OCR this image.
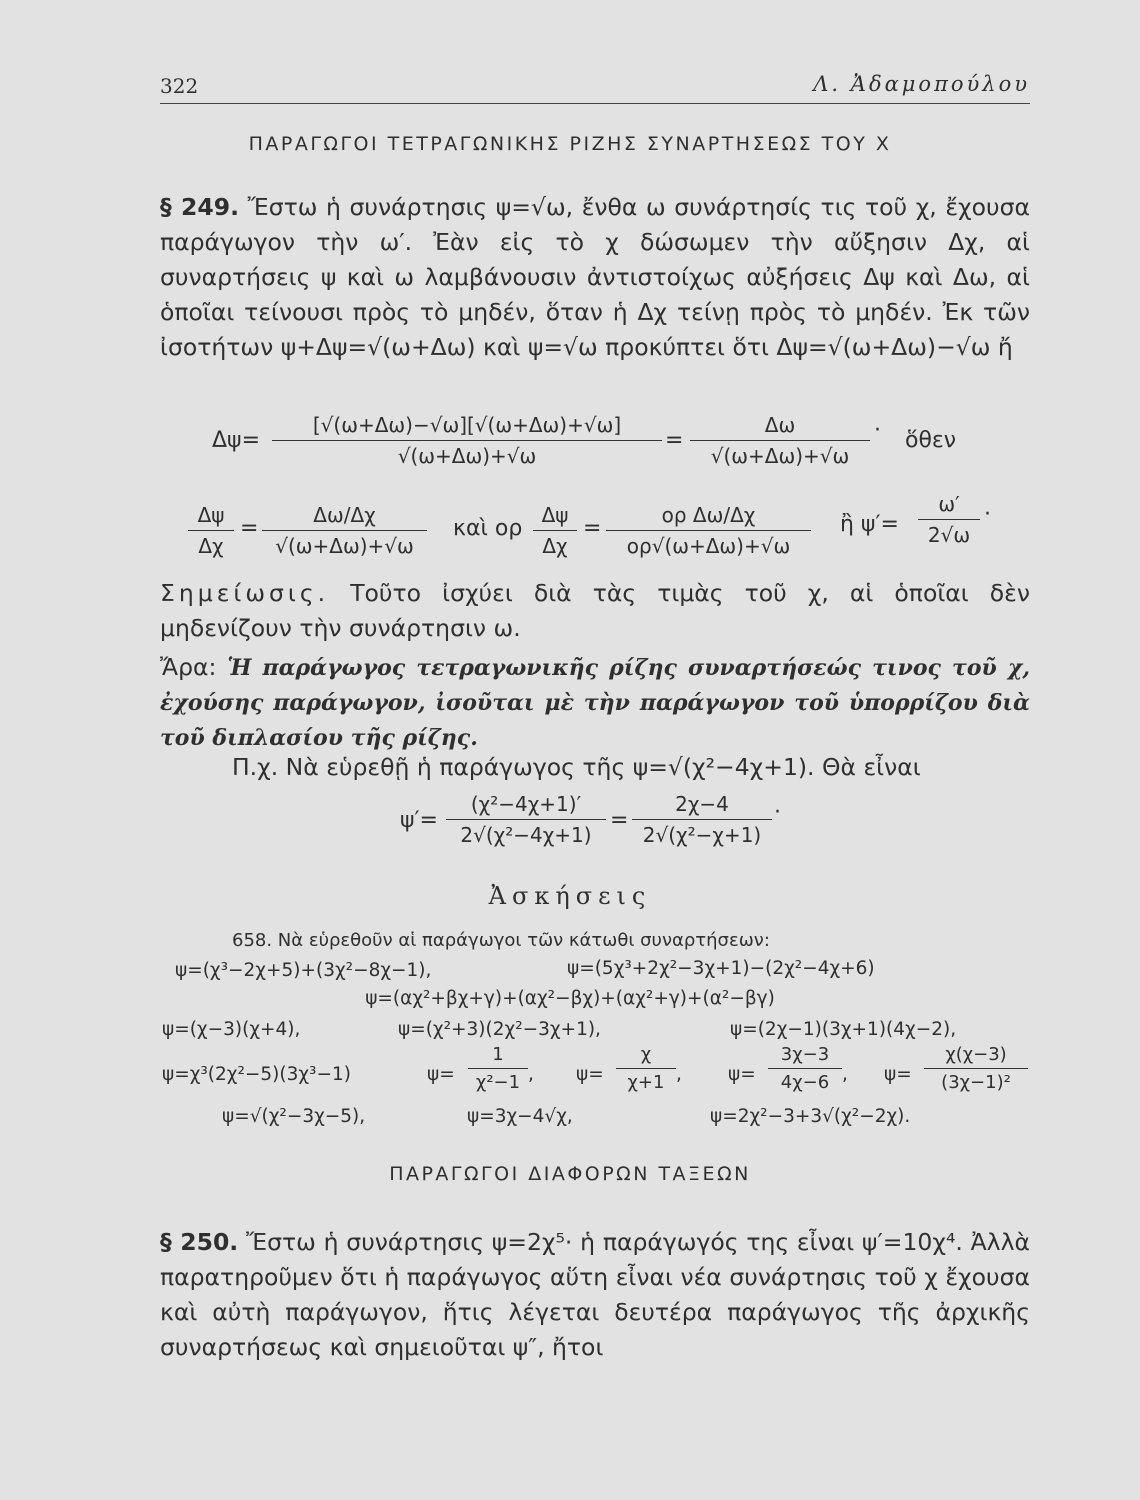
322	Λ. Ἀδαμοπούλου
ΠΑΡΑΓΩΓΟΙ ΤΕΤΡΑΓΩΝΙΚΗΣ ΡΙΖΗΣ ΣΥΝΑΡΤΗΣΕΩΣ ΤΟΥ Χ
§ 249. Ἔστω ἡ συνάρτησις ψ=√ω, ἔνθα ω συνάρτησίς τις τοῦ χ, ἔχουσα παράγωγον τὴν ω′. Ἐὰν εἰς τὸ χ δώσωμεν τὴν αὔξησιν Δχ, αἱ συναρτήσεις ψ καὶ ω λαμβάνουσιν ἀντιστοίχως αὐξήσεις Δψ καὶ Δω, αἱ ὁποῖαι τείνουσι πρὸς τὸ μηδέν, ὅταν ἡ Δχ τείνῃ πρὸς τὸ μηδέν. Ἐκ τῶν ἰσοτήτων ψ+Δψ=√(ω+Δω) καὶ ψ=√ω προκύπτει ὅτι Δψ=√(ω+Δω)−√ω ἤ
$\Delta\psi= \frac{[√(\omega+\Delta\omega)-√\omega][√(\omega+\Delta\omega)+√\omega]}{√(\omega+\Delta\omega)+√\omega} = \frac{\Delta\omega}{√(\omega+\Delta\omega)+√\omega}$ · ὅθεν
$\frac{\Delta\psi}{\Delta\chi} = \frac{\Delta\omega/\Delta\chi}{√(\omega+\Delta\omega)+√\omega}$ καὶ ορ $\frac{\Delta\psi}{\Delta\chi} = \frac{\text{ορ Δω/Δχ}}{o\rho√(\omega+\Delta\omega)+√\omega}$ ἢ $\psi'= \frac{\omega'}{2√\omega}$ ·
Σημείωσις. Τοῦτο ἰσχύει διὰ τὰς τιμὰς τοῦ χ, αἱ ὁποῖαι δὲν μηδενίζουν τὴν συνάρτησιν ω.
Ἄρα: Ἡ παράγωγος τετραγωνικῆς ρίζης συναρτήσεώς τινος τοῦ χ, ἐχούσης παράγωγον, ἰσοῦται μὲ τὴν παράγωγον τοῦ ὑπορρίζου διὰ τοῦ διπλασίου τῆς ρίζης.
Π.χ. Νὰ εὑρεθῇ ἡ παράγωγος τῆς ψ=√(χ²−4χ+1). Θὰ εἶναι
$\psi'= \frac{\text{(χ²−4χ+1)′}}{\text{2√(χ²−4χ+1)}} = \frac{2\chi-4}{\text{2√(χ²−χ+1)}}$ ·
Ἀσκήσεις
658. Νὰ εὑρεθοῦν αἱ παράγωγοι τῶν κάτωθι συναρτήσεων:
ψ=(χ³−2χ+5)+(3χ²−8χ−1),	ψ=(5χ³+2χ²−3χ+1)−(2χ²−4χ+6)
ψ=(αχ²+βχ+γ)+(αχ²−βχ)+(αχ²+γ)+(α²−βγ)
ψ=(χ−3)(χ+4),	ψ=(χ²+3)(2χ²−3χ+1),	ψ=(2χ−1)(3χ+1)(4χ−2),
ψ=χ³(2χ²−5)(3χ³−1)	$\psi= \frac{1}{\text{χ²−1}}$ , $\psi= \frac{\chi}{\chi+1}$ , $\psi= \frac{3\chi-3}{4\chi-6}$ , $\psi= \frac{\chi(\chi-3)}{\text{(3χ−1)²}}$
ψ=√(χ²−3χ−5),	ψ=3χ−4√χ,	ψ=2χ²−3+3√(χ²−2χ).
ΠΑΡΑΓΩΓΟΙ ΔΙΑΦΟΡΩΝ ΤΑΞΕΩΝ
§ 250. Ἔστω ἡ συνάρτησις ψ=2χ⁵· ἡ παράγωγός της εἶναι ψ′=10χ⁴. Ἀλλὰ παρατηροῦμεν ὅτι ἡ παράγωγος αὕτη εἶναι νέα συνάρτησις τοῦ χ ἔχουσα καὶ αὐτὴ παράγωγον, ἥτις λέγεται δευτέρα παράγωγος τῆς ἀρχικῆς συναρτήσεως καὶ σημειοῦται ψ″, ἤτοι
